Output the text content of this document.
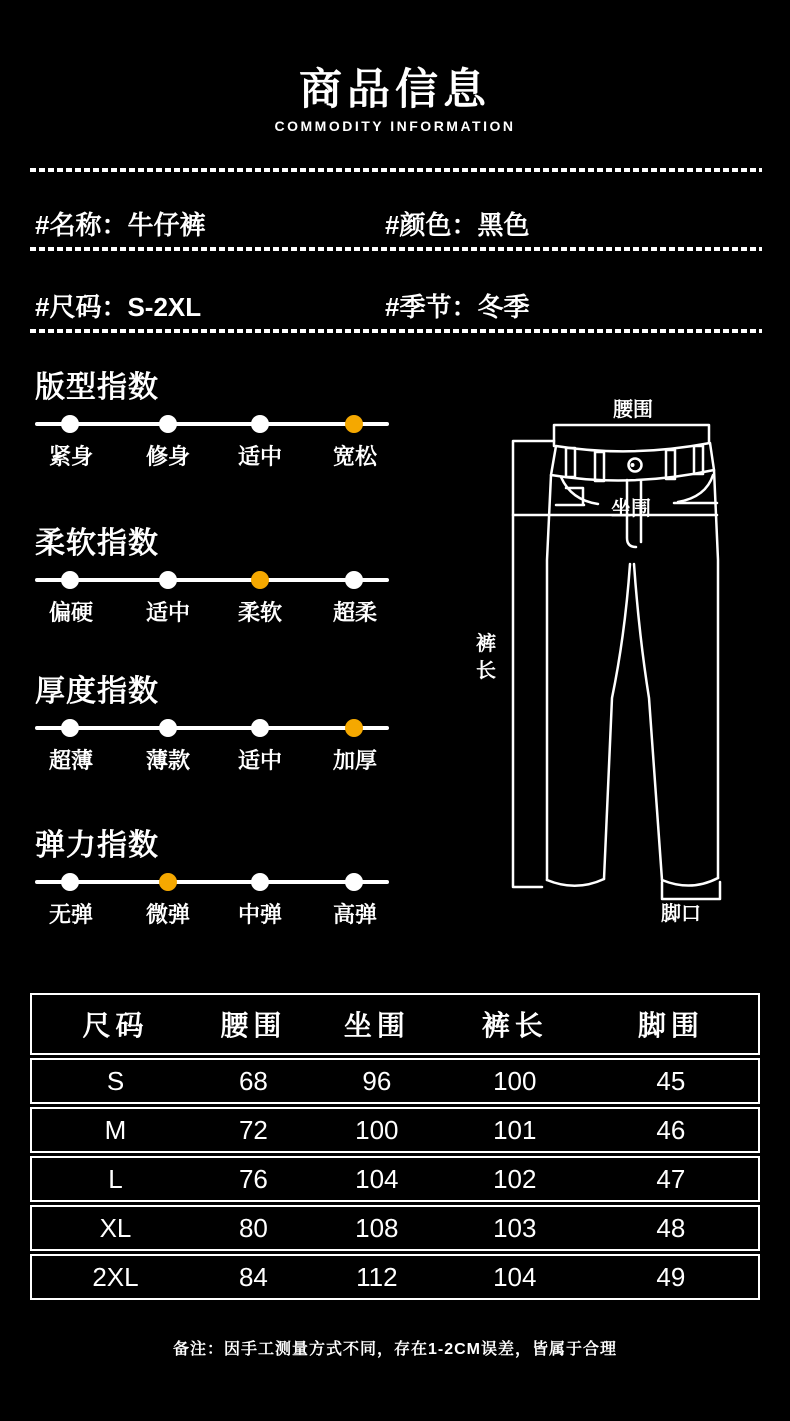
商品信息
COMMODITY INFORMATION
#名称：牛仔裤	#颜色：黑色
#尺码：S-2XL	#季节：冬季
版型指数
紧身 修身 适中 宽松
柔软指数
偏硬 适中 柔软 超柔
厚度指数
超薄 薄款 适中 加厚
弹力指数
无弹 微弹 中弹 高弹
腰围
坐围
裤长
脚口
尺码	腰围	坐围	裤长	脚围
S	68	96	100	45
M	72	100	101	46
L	76	104	102	47
XL	80	108	103	48
2XL	84	112	104	49
备注：因手工测量方式不同，存在1-2CM误差，皆属于合理
